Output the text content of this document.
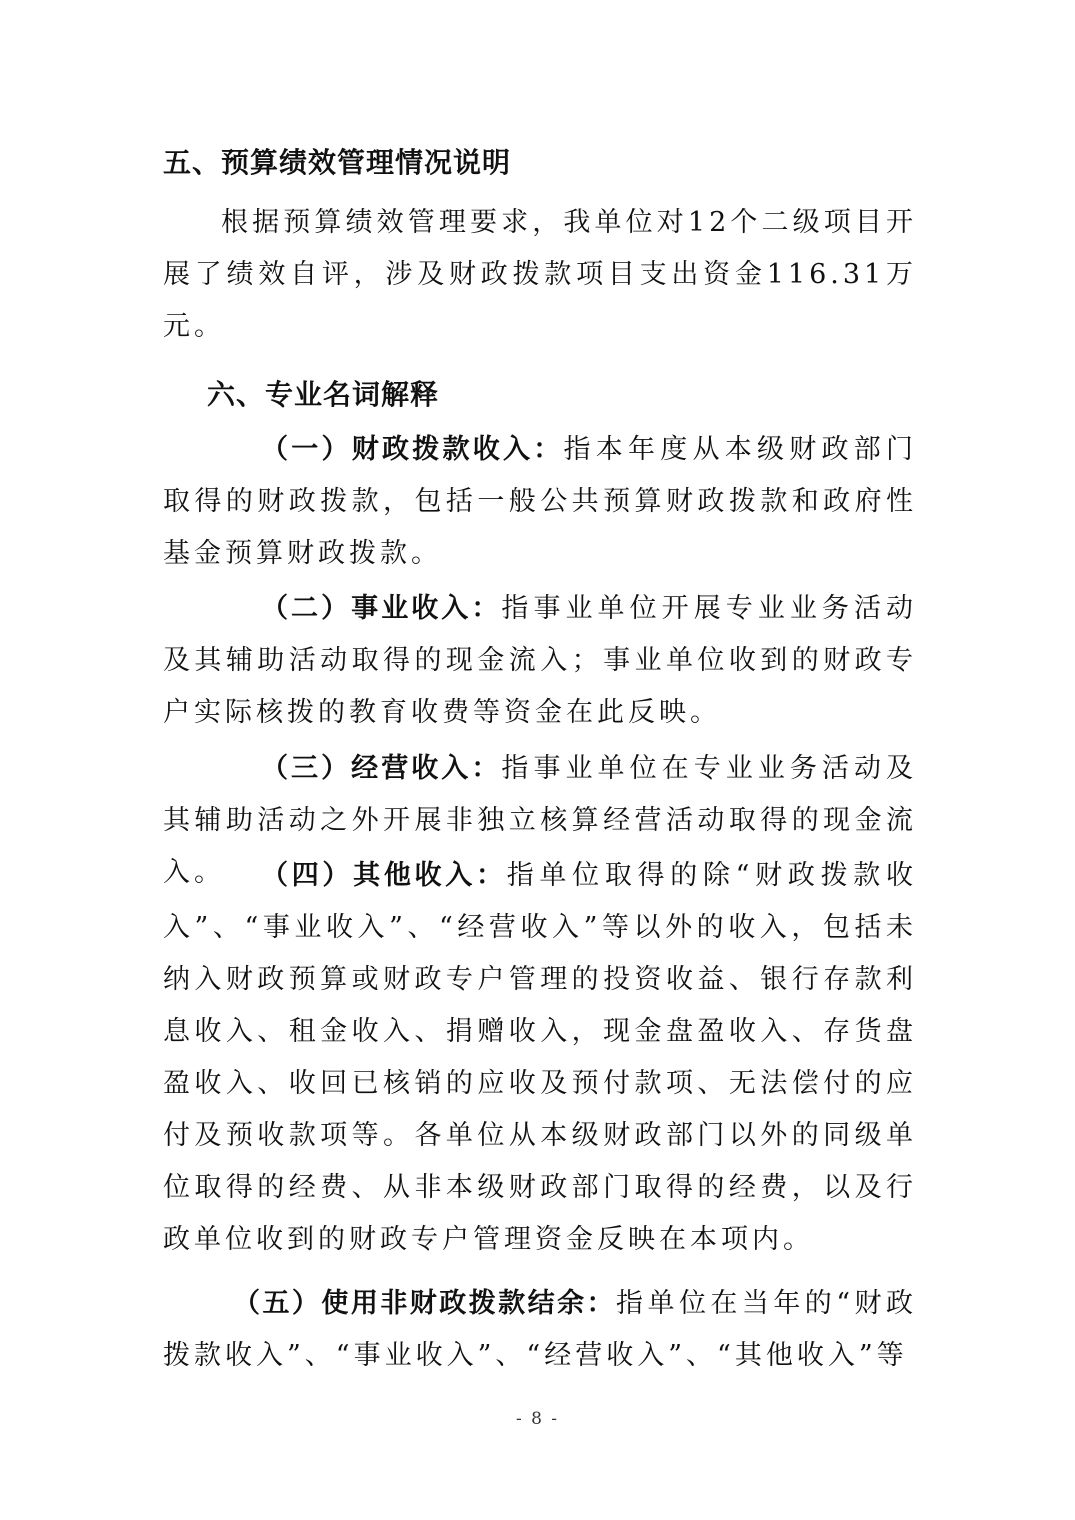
五、预算绩效管理情况说明

根据预算绩效管理要求，我单位对12个二级项目开展了绩效自评，涉及财政拨款项目支出资金116.31万元。

六、专业名词解释

（一）财政拨款收入：指本年度从本级财政部门取得的财政拨款，包括一般公共预算财政拨款和政府性基金预算财政拨款。

（二）事业收入：指事业单位开展专业业务活动及其辅助活动取得的现金流入；事业单位收到的财政专户实际核拨的教育收费等资金在此反映。

（三）经营收入：指事业单位在专业业务活动及其辅助活动之外开展非独立核算经营活动取得的现金流入。	（四）其他收入：指单位取得的除“财政拨款收入”、“事业收入”、“经营收入”等以外的收入，包括未纳入财政预算或财政专户管理的投资收益、银行存款利息收入、租金收入、捐赠收入，现金盘盈收入、存货盘盈收入、收回已核销的应收及预付款项、无法偿付的应付及预收款项等。各单位从本级财政部门以外的同级单位取得的经费、从非本级财政部门取得的经费，以及行政单位收到的财政专户管理资金反映在本项内。

（五）使用非财政拨款结余：指单位在当年的“财政拨款收入”、“事业收入”、“经营收入”、“其他收入”等

- 8 -
